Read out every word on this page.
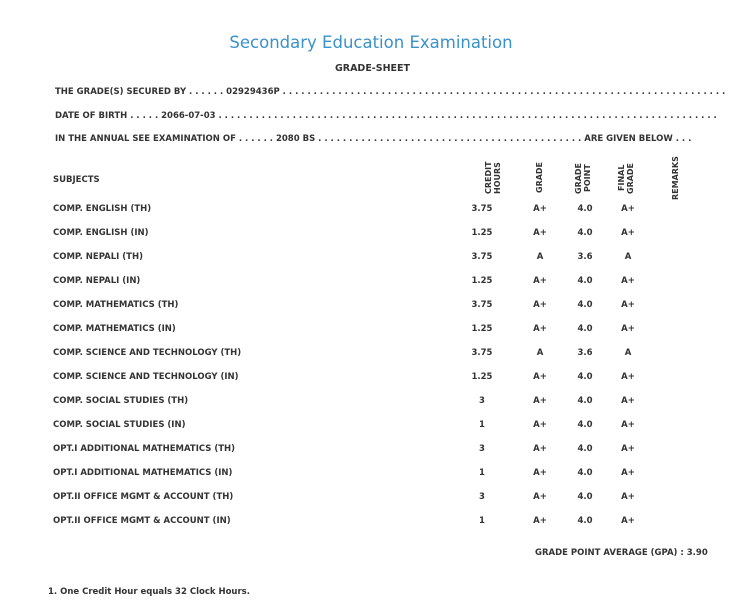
Secondary Education Examination
GRADE-SHEET
THE GRADE(S) SECURED BY . . . . . . 02929436P . . . . . . . . . . . . . . . . . . . . . . . . . . . . . . . . . . . . . . . . . . . . . . . . . . . . . . . . . . . . . . . . . . . . . . . .
DATE OF BIRTH . . . . . 2066-07-03 . . . . . . . . . . . . . . . . . . . . . . . . . . . . . . . . . . . . . . . . . . . . . . . . . . . . . . . . . . . . . . . . . . . . . . . . . . . . . . . . .
IN THE ANNUAL SEE EXAMINATION OF . . . . . . 2080 BS . . . . . . . . . . . . . . . . . . . . . . . . . . . . . . . . . . . . . . . . . . . ARE GIVEN BELOW . . .
SUBJECTS	CREDIT HOURS	GRADE	GRADE POINT	FINAL GRADE	REMARKS
COMP. ENGLISH (TH)	3.75	A+	4.0	A+
COMP. ENGLISH (IN)	1.25	A+	4.0	A+
COMP. NEPALI (TH)	3.75	A	3.6	A
COMP. NEPALI (IN)	1.25	A+	4.0	A+
COMP. MATHEMATICS (TH)	3.75	A+	4.0	A+
COMP. MATHEMATICS (IN)	1.25	A+	4.0	A+
COMP. SCIENCE AND TECHNOLOGY (TH)	3.75	A	3.6	A
COMP. SCIENCE AND TECHNOLOGY (IN)	1.25	A+	4.0	A+
COMP. SOCIAL STUDIES (TH)	3	A+	4.0	A+
COMP. SOCIAL STUDIES (IN)	1	A+	4.0	A+
OPT.I ADDITIONAL MATHEMATICS (TH)	3	A+	4.0	A+
OPT.I ADDITIONAL MATHEMATICS (IN)	1	A+	4.0	A+
OPT.II OFFICE MGMT & ACCOUNT (TH)	3	A+	4.0	A+
OPT.II OFFICE MGMT & ACCOUNT (IN)	1	A+	4.0	A+
GRADE POINT AVERAGE (GPA) : 3.90
1. One Credit Hour equals 32 Clock Hours.
